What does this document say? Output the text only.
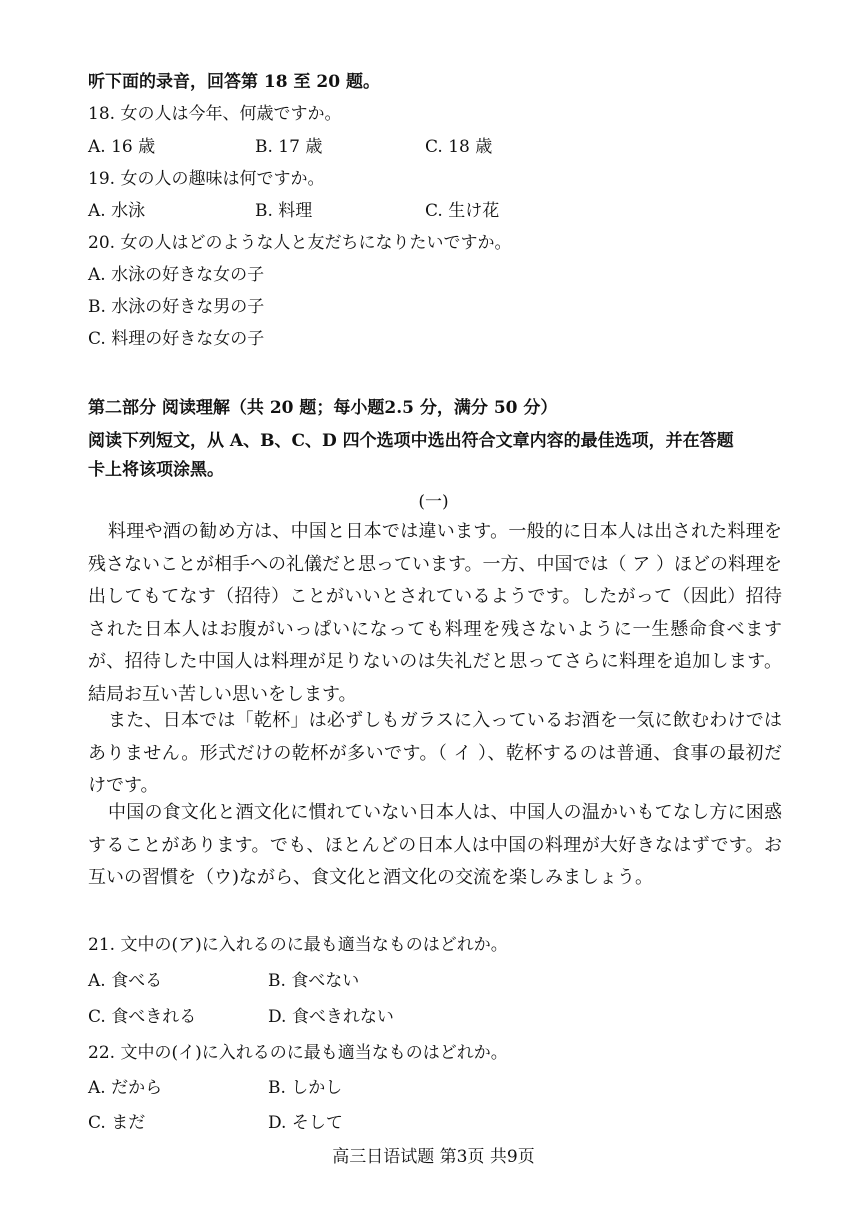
听下面的录音，回答第 18 至 20 题。
18. 女の人は今年、何歳ですか。
A. 16 歳	B. 17 歳	C. 18 歳
19. 女の人の趣味は何ですか。
A. 水泳	B. 料理	C. 生け花
20. 女の人はどのような人と友だちになりたいですか。
A. 水泳の好きな女の子
B. 水泳の好きな男の子
C. 料理の好きな女の子
第二部分 阅读理解（共 20 题；每小题2.5 分，满分 50 分）
阅读下列短文，从 A、B、C、D 四个选项中选出符合文章内容的最佳选项，并在答题
卡上将该项涂黑。
(一)
料理や酒の勧め方は、中国と日本では違います。一般的に日本人は出された料理を残さないことが相手への礼儀だと思っています。一方、中国では（ ア ）ほどの料理を出してもてなす（招待）ことがいいとされているようです。したがって（因此）招待された日本人はお腹がいっぱいになっても料理を残さないように一生懸命食べますが、招待した中国人は料理が足りないのは失礼だと思ってさらに料理を追加します。結局お互い苦しい思いをします。
また、日本では「乾杯」は必ずしもガラスに入っているお酒を一気に飲むわけではありません。形式だけの乾杯が多いです。（ イ ）、乾杯するのは普通、食事の最初だけです。
中国の食文化と酒文化に慣れていない日本人は、中国人の温かいもてなし方に困惑することがあります。でも、ほとんどの日本人は中国の料理が大好きなはずです。お互いの習慣を（ウ)ながら、食文化と酒文化の交流を楽しみましょう。
21. 文中の(ア)に入れるのに最も適当なものはどれか。
A. 食べる	B. 食べない
C. 食べきれる	D. 食べきれない
22. 文中の(イ)に入れるのに最も適当なものはどれか。
A. だから	B. しかし
C. まだ	D. そして
高三日语试题 第3页 共9页
